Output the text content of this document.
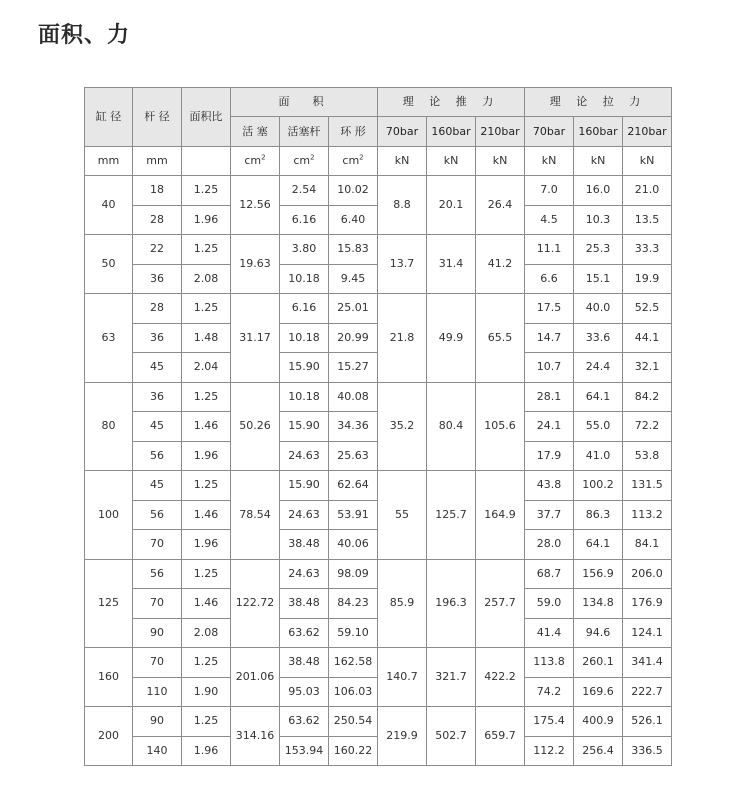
面积、力
缸 径	杆 径	面积比	面　积			理 论 推 力			理 论 拉 力		
			活 塞	活塞杆	环 形	70bar	160bar	210bar	70bar	160bar	210bar
mm	mm		$cm^2$	$cm^2$	$cm^2$	kN	kN	kN	kN	kN	kN
40	18	1.25	12.56	2.54	10.02	8.8	20.1	26.4	7.0	16.0	21.0
	28	1.96		6.16	6.40				4.5	10.3	13.5
50	22	1.25	19.63	3.80	15.83	13.7	31.4	41.2	11.1	25.3	33.3
	36	2.08		10.18	9.45				6.6	15.1	19.9
63	28	1.25	31.17	6.16	25.01	21.8	49.9	65.5	17.5	40.0	52.5
	36	1.48		10.18	20.99				14.7	33.6	44.1
	45	2.04		15.90	15.27				10.7	24.4	32.1
80	36	1.25	50.26	10.18	40.08	35.2	80.4	105.6	28.1	64.1	84.2
	45	1.46		15.90	34.36				24.1	55.0	72.2
	56	1.96		24.63	25.63				17.9	41.0	53.8
100	45	1.25	78.54	15.90	62.64	55	125.7	164.9	43.8	100.2	131.5
	56	1.46		24.63	53.91				37.7	86.3	113.2
	70	1.96		38.48	40.06				28.0	64.1	84.1
125	56	1.25	122.72	24.63	98.09	85.9	196.3	257.7	68.7	156.9	206.0
	70	1.46		38.48	84.23				59.0	134.8	176.9
	90	2.08		63.62	59.10				41.4	94.6	124.1
160	70	1.25	201.06	38.48	162.58	140.7	321.7	422.2	113.8	260.1	341.4
	110	1.90		95.03	106.03				74.2	169.6	222.7
200	90	1.25	314.16	63.62	250.54	219.9	502.7	659.7	175.4	400.9	526.1
	140	1.96		153.94	160.22				112.2	256.4	336.5
